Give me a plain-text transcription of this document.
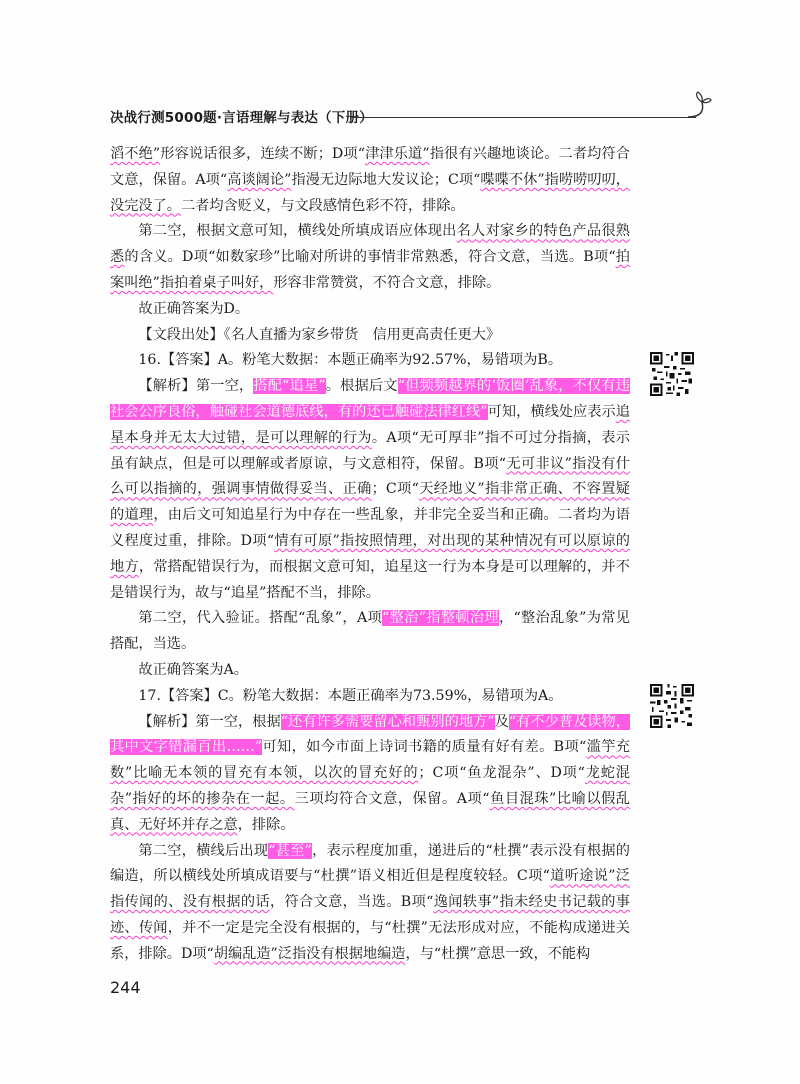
决战行测5000题·言语理解与表达（下册）

滔不绝”形容说话很多，连续不断；D项“津津乐道”指很有兴趣地谈论。二者均符合文意，保留。A项“高谈阔论”指漫无边际地大发议论；C项“喋喋不休”指唠唠叨叨，没完没了。二者均含贬义，与文段感情色彩不符，排除。

第二空，根据文意可知，横线处所填成语应体现出名人对家乡的特色产品很熟悉的含义。D项“如数家珍”比喻对所讲的事情非常熟悉，符合文意，当选。B项“拍案叫绝”指拍着桌子叫好，形容非常赞赏，不符合文意，排除。

故正确答案为D。

【文段出处】《名人直播为家乡带货　信用更高责任更大》

16.【答案】A。粉笔大数据：本题正确率为92.57%，易错项为B。

【解析】第一空，搭配“追星”。根据后文“但频频越界的‘饭圈’乱象，不仅有违社会公序良俗，触碰社会道德底线，有的还已触碰法律红线”可知，横线处应表示追星本身并无太大过错，是可以理解的行为。A项“无可厚非”指不可过分指摘，表示虽有缺点，但是可以理解或者原谅，与文意相符，保留。B项“无可非议”指没有什么可以指摘的，强调事情做得妥当、正确；C项“天经地义”指非常正确、不容置疑的道理，由后文可知追星行为中存在一些乱象，并非完全妥当和正确。二者均为语义程度过重，排除。D项“情有可原”指按照情理，对出现的某种情况有可以原谅的地方，常搭配错误行为，而根据文意可知，追星这一行为本身是可以理解的，并不是错误行为，故与“追星”搭配不当，排除。

第二空，代入验证。搭配“乱象”，A项“整治”指整顿治理，“整治乱象”为常见搭配，当选。

故正确答案为A。

17.【答案】C。粉笔大数据：本题正确率为73.59%，易错项为A。

【解析】第一空，根据“还有许多需要留心和甄别的地方”及“有不少普及读物，其中文字错漏百出……”可知，如今市面上诗词书籍的质量有好有差。B项“滥竽充数”比喻无本领的冒充有本领，以次的冒充好的；C项“鱼龙混杂”、D项“龙蛇混杂”指好的坏的掺杂在一起。三项均符合文意，保留。A项“鱼目混珠”比喻以假乱真、无好坏并存之意，排除。

第二空，横线后出现“甚至”，表示程度加重，递进后的“杜撰”表示没有根据的编造，所以横线处所填成语要与“杜撰”语义相近但是程度较轻。C项“道听途说”泛指传闻的、没有根据的话，符合文意，当选。B项“逸闻轶事”指未经史书记载的事迹、传闻，并不一定是完全没有根据的，与“杜撰”无法形成对应，不能构成递进关系，排除。D项“胡编乱造”泛指没有根据地编造，与“杜撰”意思一致，不能构

244
